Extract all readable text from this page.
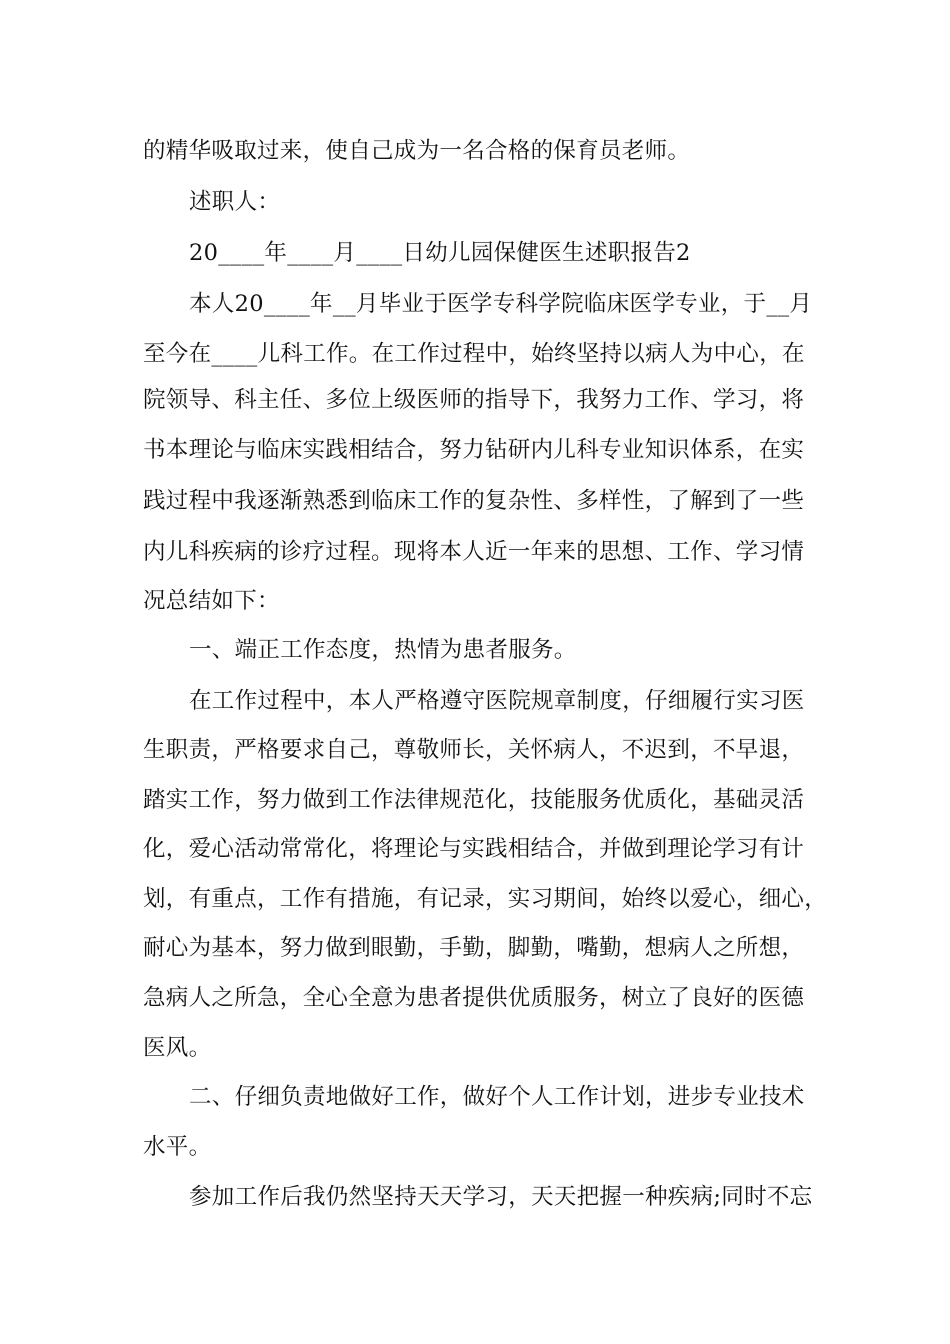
的精华吸取过来，使自己成为一名合格的保育员老师。
述职人：
20____年____月____日幼儿园保健医生述职报告2
本人20____年__月毕业于医学专科学院临床医学专业，于__月
至今在____儿科工作。在工作过程中，始终坚持以病人为中心，在
院领导、科主任、多位上级医师的指导下，我努力工作、学习，将
书本理论与临床实践相结合，努力钻研内儿科专业知识体系，在实
践过程中我逐渐熟悉到临床工作的复杂性、多样性，了解到了一些
内儿科疾病的诊疗过程。现将本人近一年来的思想、工作、学习情
况总结如下：
一、端正工作态度，热情为患者服务。
在工作过程中，本人严格遵守医院规章制度，仔细履行实习医
生职责，严格要求自己，尊敬师长，关怀病人，不迟到，不早退，
踏实工作，努力做到工作法律规范化，技能服务优质化，基础灵活
化，爱心活动常常化，将理论与实践相结合，并做到理论学习有计
划，有重点，工作有措施，有记录，实习期间，始终以爱心，细心，
耐心为基本，努力做到眼勤，手勤，脚勤，嘴勤，想病人之所想，
急病人之所急，全心全意为患者提供优质服务，树立了良好的医德
医风。
二、仔细负责地做好工作，做好个人工作计划，进步专业技术
水平。
参加工作后我仍然坚持天天学习，天天把握一种疾病;同时不忘
